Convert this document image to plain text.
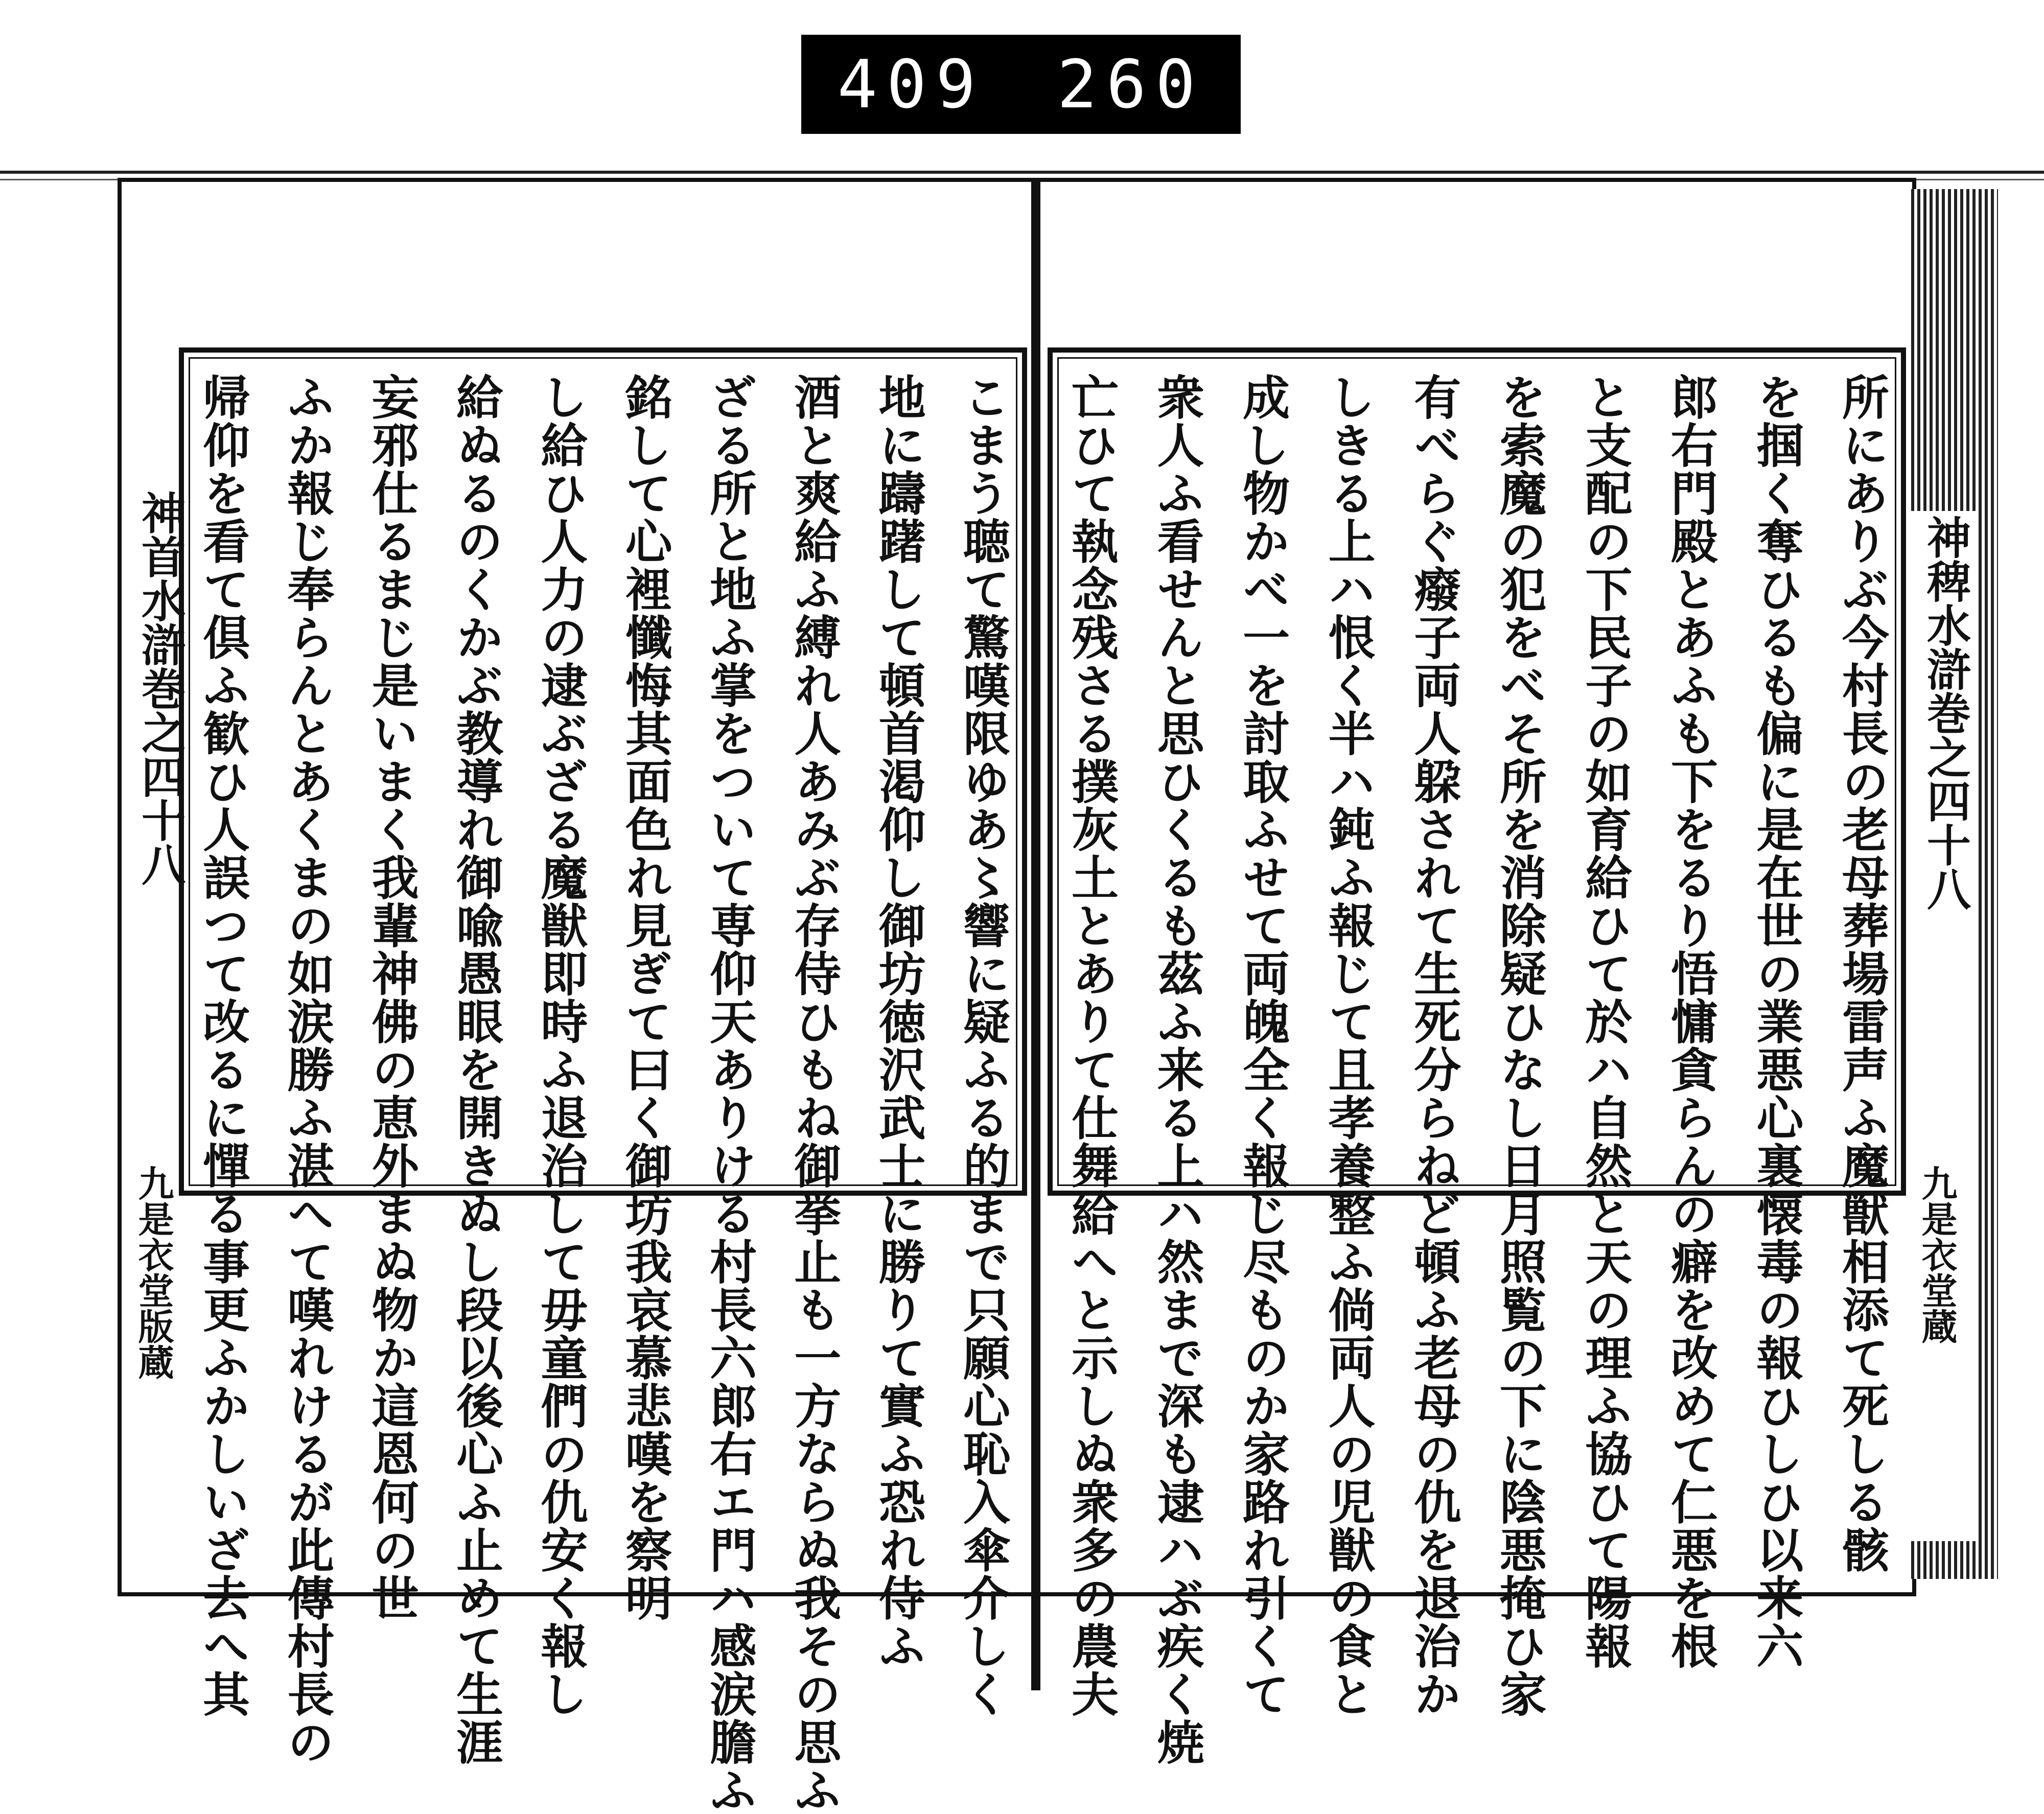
409 260
こまう聴て驚嘆限ゆあ〻響に疑ふる的まで只願心恥入傘介しく
地に躊躇して頓首渇仰し御坊徳沢武士に勝りて實ふ恐れ侍ふ
酒と爽給ふ縛れ人あみぶ存侍ひもね御挙止も一方ならぬ我その思ふ
ざる所と地ふ掌をついて専仰天ありける村長六郎右エ門ハ感涙膽ふ
銘して心裡懺悔其面色れ見ぎて曰く御坊我哀慕悲嘆を察明
し給ひ人力の逮ぶざる魔獣即時ふ退治して毋童們の仇安く報し
給ぬるのくかぶ教導れ御喩愚眼を開きぬし段以後心ふ止めて生涯
妄邪仕るまじ是いまく我輩神佛の恵外まぬ物か這恩何の世
ふか報じ奉らんとあくまの如涙勝ふ湛へて嘆れけるが此傳村長の
帰仰を看て倶ふ歓ひ人誤つて改るに憚る事更ふかしいざ去へ其	所にありぶ今村長の老母葬場雷声ふ魔獣相添て死しる骸
を掴く奪ひるも偏に是在世の業悪心裏懐毒の報ひしひ以来六
郎右門殿とあふも下をるり悟慵貪らんの癖を改めて仁悪を根
と支配の下民子の如育給ひて於ハ自然と天の理ふ協ひて陽報
を索魔の犯をべそ所を消除疑ひなし日月照覧の下に陰悪掩ひ家
有べらぐ癈子両人躱されて生死分らねど頓ふ老母の仇を退治か
しきる上ハ恨く半ハ鈍ふ報じて且孝養整ふ倘両人の児獣の食と
成し物かべ一を討取ふせて両魄全く報じ尽ものか家路れ引くて
衆人ふ看せんと思ひくるも茲ふ来る上ハ然まで深も逮ハぶ疾く焼
亡ひて執念残さる撲灰土とありて仕舞給へと示しぬ衆多の農夫
神首水滸巻之四十八
九是衣堂版蔵
神稗水滸巻之四十八
九是衣堂蔵
